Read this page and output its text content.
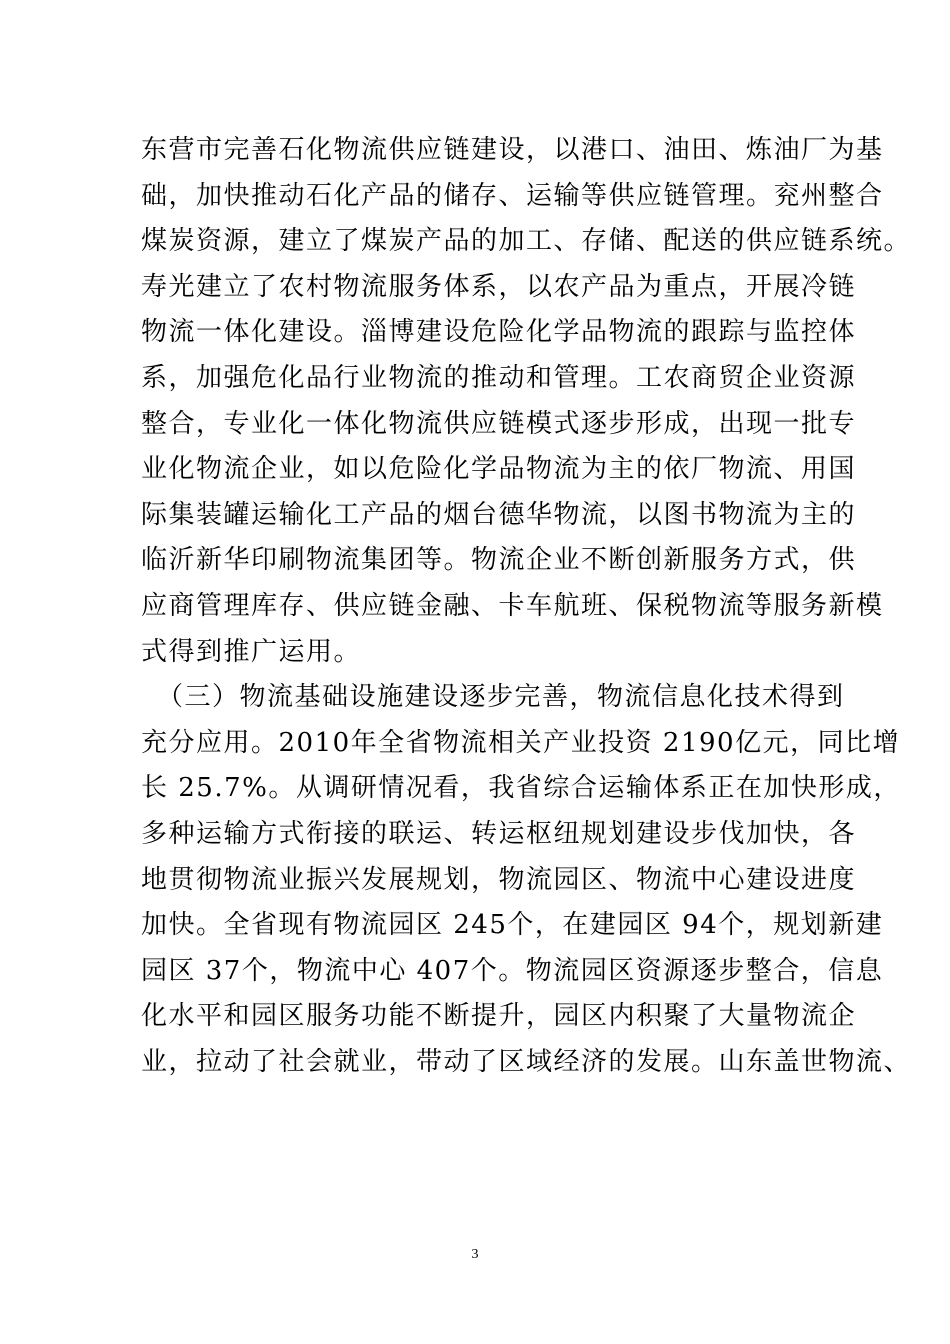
东营市完善石化物流供应链建设，以港口、油田、炼油厂为基
础，加快推动石化产品的储存、运输等供应链管理。兖州整合
煤炭资源，建立了煤炭产品的加工、存储、配送的供应链系统。
寿光建立了农村物流服务体系，以农产品为重点，开展冷链
物流一体化建设。淄博建设危险化学品物流的跟踪与监控体
系，加强危化品行业物流的推动和管理。工农商贸企业资源
整合，专业化一体化物流供应链模式逐步形成，出现一批专
业化物流企业，如以危险化学品物流为主的依厂物流、用国
际集装罐运输化工产品的烟台德华物流，以图书物流为主的
临沂新华印刷物流集团等。物流企业不断创新服务方式，供
应商管理库存、供应链金融、卡车航班、保税物流等服务新模
式得到推广运用。
（三）物流基础设施建设逐步完善，物流信息化技术得到
充分应用。2010年全省物流相关产业投资 2190亿元，同比增
长 25.7%。从调研情况看，我省综合运输体系正在加快形成，
多种运输方式衔接的联运、转运枢纽规划建设步伐加快，各
地贯彻物流业振兴发展规划，物流园区、物流中心建设进度
加快。全省现有物流园区 245个，在建园区 94个，规划新建
园区 37个，物流中心 407个。物流园区资源逐步整合，信息
化水平和园区服务功能不断提升，园区内积聚了大量物流企
业，拉动了社会就业，带动了区域经济的发展。山东盖世物流、
3
